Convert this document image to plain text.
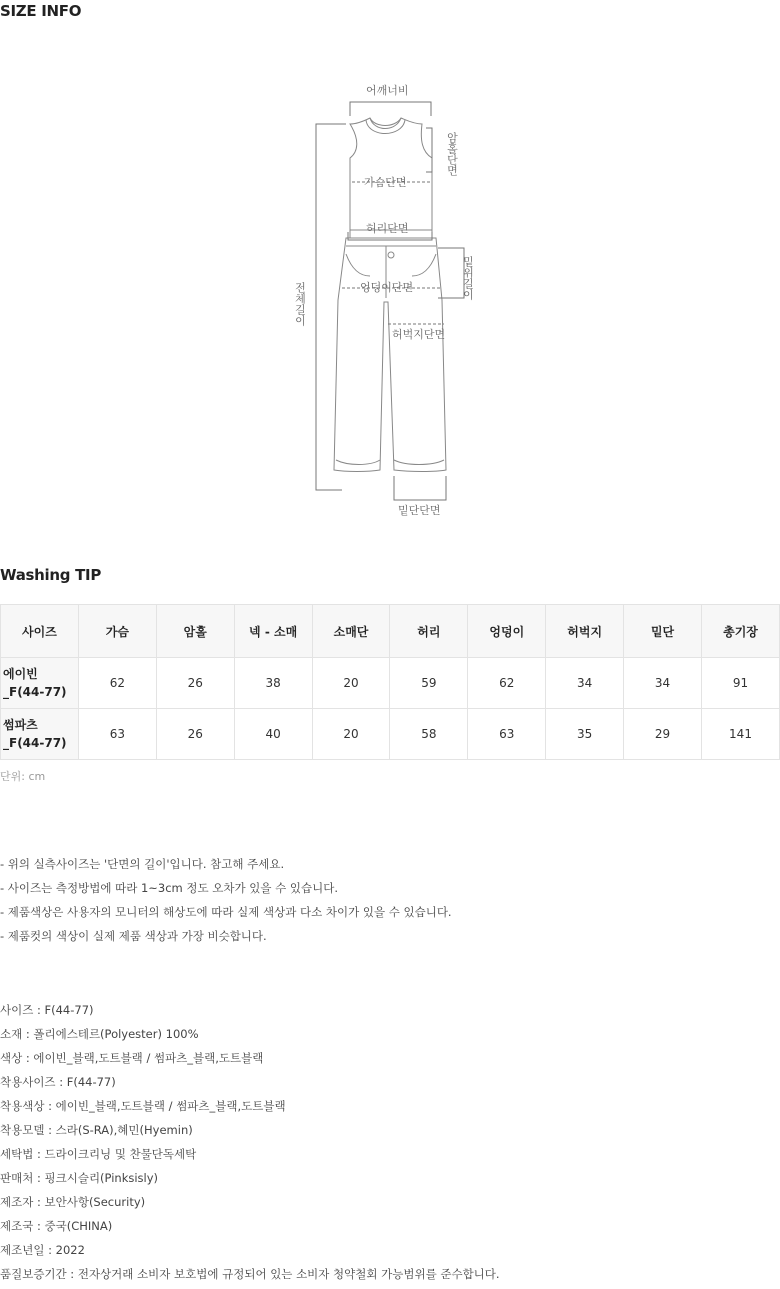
SIZE INFO
어깨너비
암홀단면
가슴단면
허리단면
밑위길이
엉덩이단면
전체길이
허벅지단면
밑단단면
Washing TIP
사이즈	가슴	암홀	넥 - 소매	소매단	허리	엉덩이	허벅지	밑단	총기장
에이빈_F(44-77)	62	26	38	20	59	62	34	34	91
썸파츠_F(44-77)	63	26	40	20	58	63	35	29	141
단위: cm
- 위의 실측사이즈는 '단면의 길이'입니다. 참고해 주세요.
- 사이즈는 측정방법에 따라 1~3cm 정도 오차가 있을 수 있습니다.
- 제품색상은 사용자의 모니터의 해상도에 따라 실제 색상과 다소 차이가 있을 수 있습니다.
- 제품컷의 색상이 실제 제품 색상과 가장 비슷합니다.
사이즈 : F(44-77)
소재 : 폴리에스테르(Polyester) 100%
색상 : 에이빈_블랙,도트블랙 / 썸파츠_블랙,도트블랙
착용사이즈 : F(44-77)
착용색상 : 에이빈_블랙,도트블랙 / 썸파츠_블랙,도트블랙
착용모델 : 스라(S-RA),혜민(Hyemin)
세탁법 : 드라이크리닝 및 찬물단독세탁
판매처 : 핑크시슬리(Pinksisly)
제조자 : 보안사항(Security)
제조국 : 중국(CHINA)
제조년일 : 2022
품질보증기간 : 전자상거래 소비자 보호법에 규정되어 있는 소비자 청약철회 가능범위를 준수합니다.
